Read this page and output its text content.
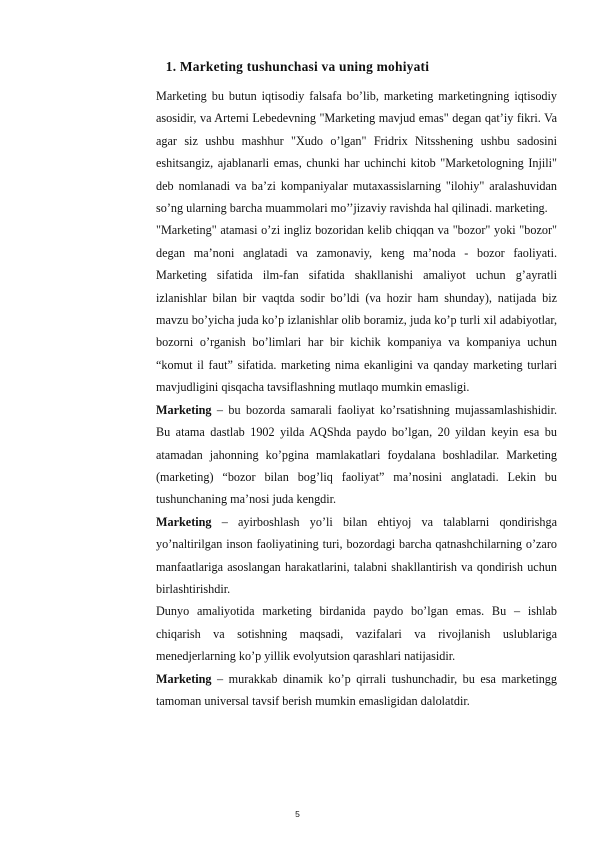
1. Marketing tushunchasi va uning mohiyati

Marketing bu butun iqtisodiy falsafa bo’lib, marketing marketingning iqtisodiy asosidir, va Artemi Lebedevning "Marketing mavjud emas" degan qat’iy fikri. Va agar siz ushbu mashhur "Xudo o’lgan" Fridrix Nitsshening ushbu sadosini eshitsangiz, ajablanarli emas, chunki har uchinchi kitob "Marketologning Injili" deb nomlanadi va ba’zi kompaniyalar mutaxassislarning "ilohiy" aralashuvidan so’ng ularning barcha muammolari mo’’jizaviy ravishda hal qilinadi. marketing.

"Marketing" atamasi o’zi ingliz bozoridan kelib chiqqan va "bozor" yoki "bozor" degan ma’noni anglatadi va zamonaviy, keng ma’noda - bozor faoliyati. Marketing sifatida ilm-fan sifatida shakllanishi amaliyot uchun g’ayratli izlanishlar bilan bir vaqtda sodir bo’ldi (va hozir ham shunday), natijada biz mavzu bo’yicha juda ko’p izlanishlar olib boramiz, juda ko’p turli xil adabiyotlar, bozorni o’rganish bo’limlari har bir kichik kompaniya va kompaniya uchun “komut il faut” sifatida. marketing nima ekanligini va qanday marketing turlari mavjudligini qisqacha tavsiflashning mutlaqo mumkin emasligi.

Marketing – bu bozorda samarali faoliyat ko’rsatishning mujassamlashishidir. Bu atama dastlab 1902 yilda AQShda paydo bo’lgan, 20 yildan keyin esa bu atamadan jahonning ko’pgina mamlakatlari foydalana boshladilar. Marketing (marketing) “bozor bilan bog’liq faoliyat” ma’nosini anglatadi. Lekin bu tushunchaning ma’nosi juda kengdir.

Marketing – ayirboshlash yo’li bilan ehtiyoj va talablarni qondirishga yo’naltirilgan inson faoliyatining turi, bozordagi barcha qatnashchilarning o’zaro manfaatlariga asoslangan harakatlarini, talabni shakllantirish va qondirish uchun birlashtirishdir.

Dunyo amaliyotida marketing birdanida paydo bo’lgan emas. Bu – ishlab chiqarish va sotishning maqsadi, vazifalari va rivojlanish uslublariga menedjerlarning ko’p yillik evolyutsion qarashlari natijasidir.

Marketing – murakkab dinamik ko’p qirrali tushunchadir, bu esa marketingg tamoman universal tavsif berish mumkin emasligidan dalolatdir.

5
